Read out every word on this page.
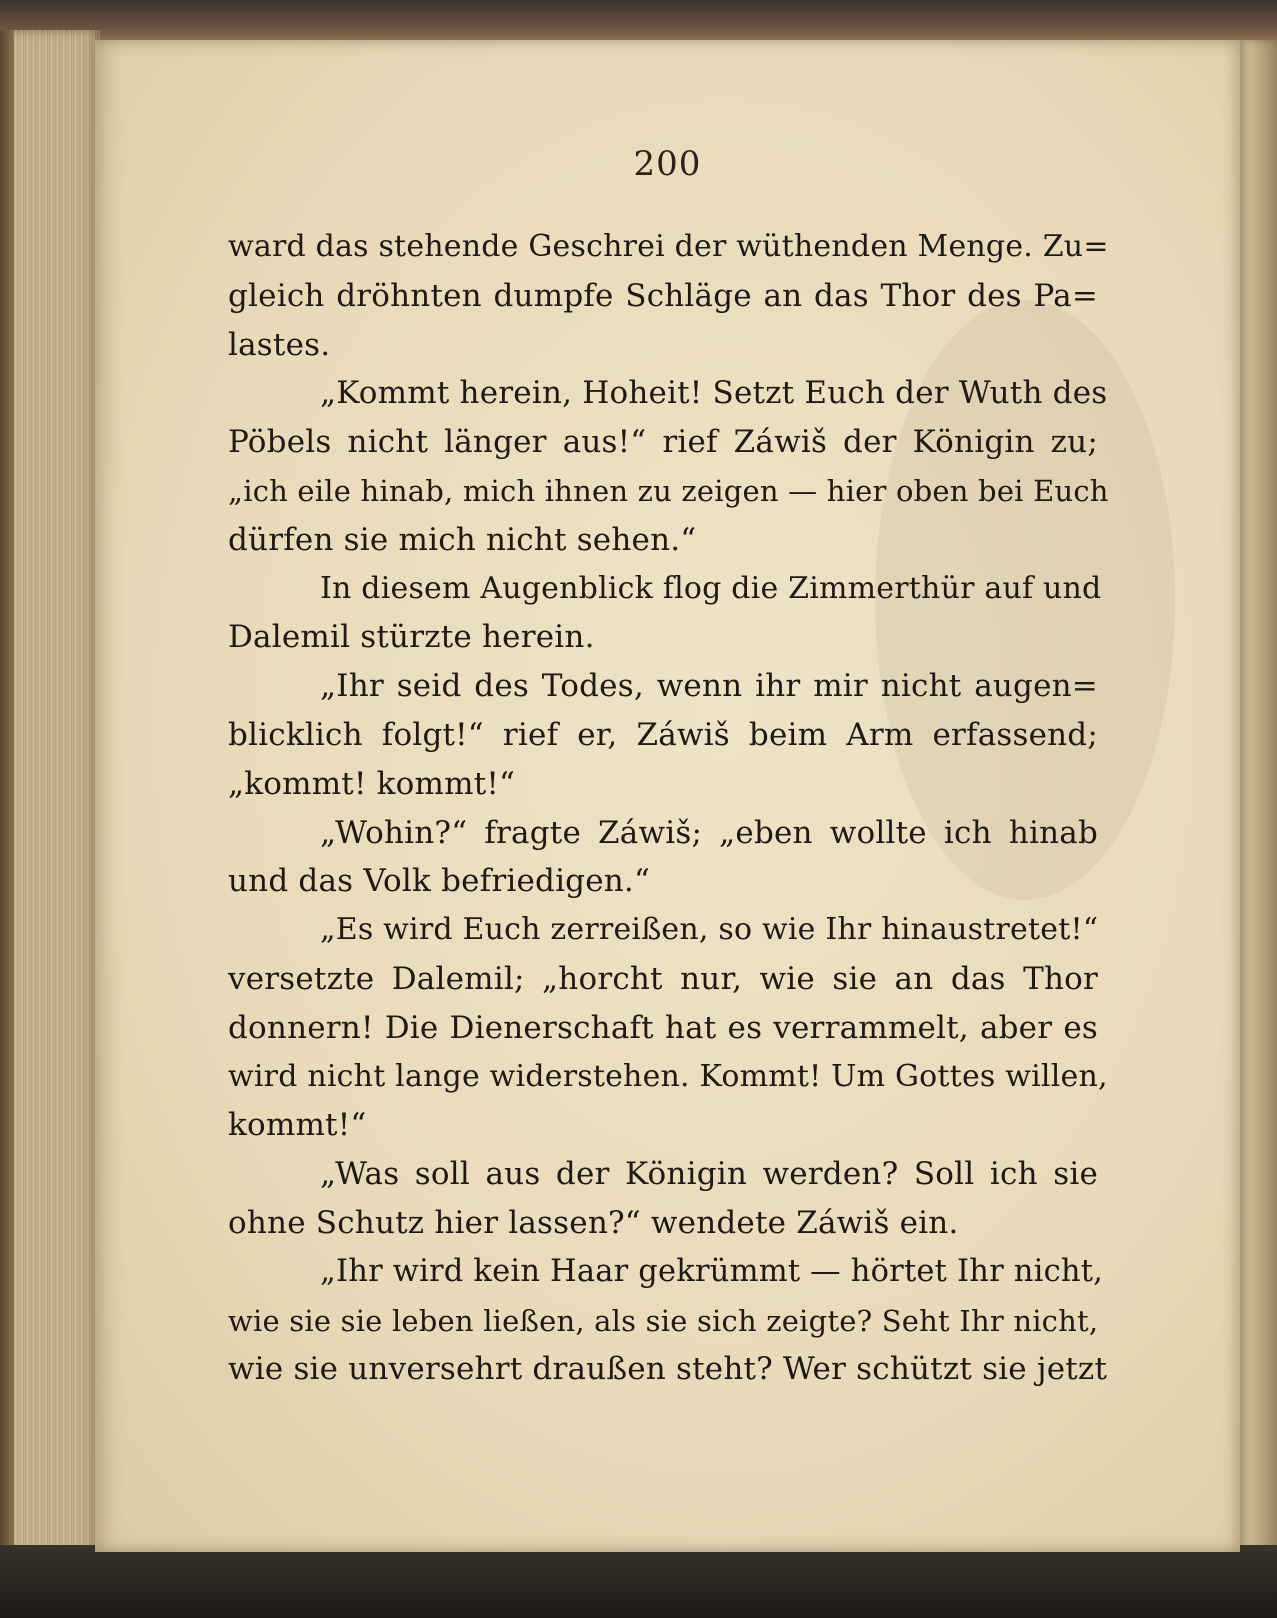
200
ward das stehende Geschrei der wüthenden Menge. Zu=
gleich dröhnten dumpfe Schläge an das Thor des Pa=
lastes.
„Kommt herein, Hoheit! Setzt Euch der Wuth des
Pöbels nicht länger aus!“ rief Záwiš der Königin zu;
„ich eile hinab, mich ihnen zu zeigen — hier oben bei Euch
dürfen sie mich nicht sehen.“
In diesem Augenblick flog die Zimmerthür auf und
Dalemil stürzte herein.
„Ihr seid des Todes, wenn ihr mir nicht augen=
blicklich folgt!“ rief er, Záwiš beim Arm erfassend;
„kommt! kommt!“
„Wohin?“ fragte Záwiš; „eben wollte ich hinab
und das Volk befriedigen.“
„Es wird Euch zerreißen, so wie Ihr hinaustretet!“
versetzte Dalemil; „horcht nur, wie sie an das Thor
donnern! Die Dienerschaft hat es verrammelt, aber es
wird nicht lange widerstehen. Kommt! Um Gottes willen,
kommt!“
„Was soll aus der Königin werden? Soll ich sie
ohne Schutz hier lassen?“ wendete Záwiš ein.
„Ihr wird kein Haar gekrümmt — hörtet Ihr nicht,
wie sie sie leben ließen, als sie sich zeigte? Seht Ihr nicht,
wie sie unversehrt draußen steht? Wer schützt sie jetzt
